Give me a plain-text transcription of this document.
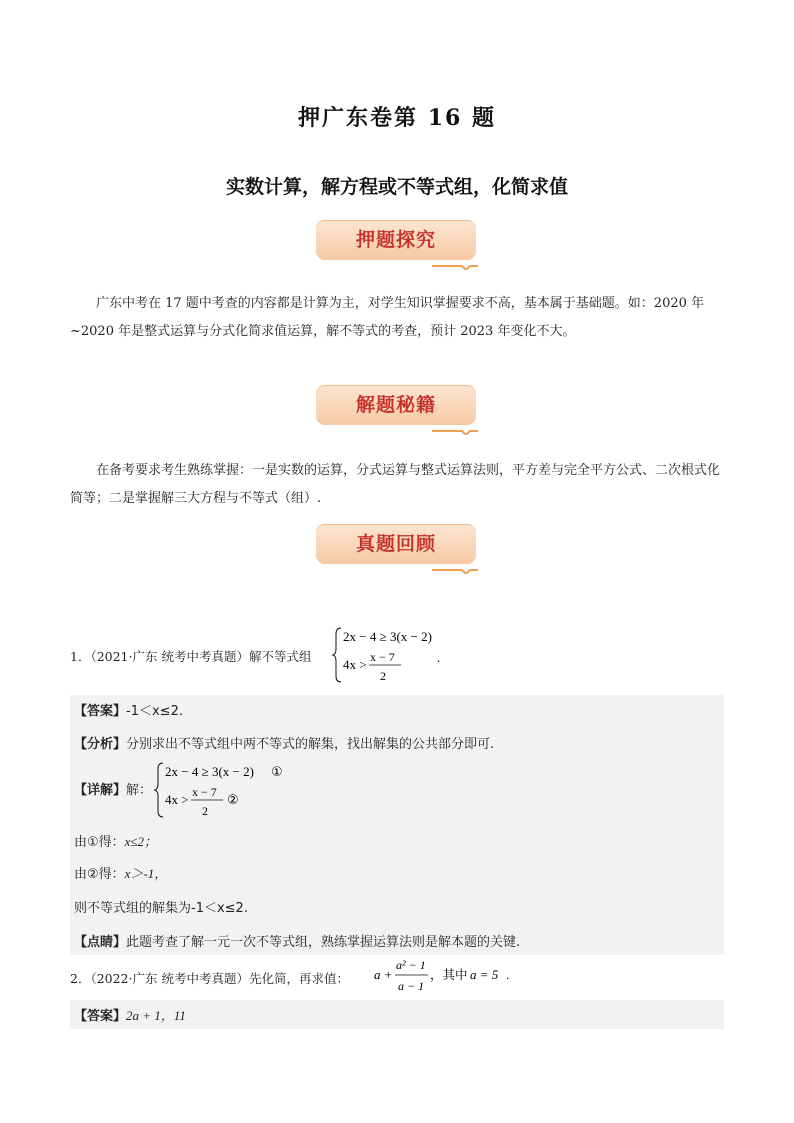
押广东卷第 16 题
实数计算，解方程或不等式组，化简求值
押题探究
广东中考在 17 题中考查的内容都是计算为主，对学生知识掌握要求不高，基本属于基础题。如：2020 年~2020 年是整式运算与分式化简求值运算，解不等式的考查，预计 2023 年变化不大。
解题秘籍
在备考要求考生熟练掌握：一是实数的运算，分式运算与整式运算法则，平方差与完全平方公式、二次根式化简等；二是掌握解三大方程与不等式（组）.
真题回顾
1．（2021·广东 统考中考真题）解不等式组
2x − 4 ≥ 3(x − 2)
4x > x − 7
2
.
【答案】-1＜x≤2.
【分析】分别求出不等式组中两不等式的解集，找出解集的公共部分即可.
【详解】解：
2x − 4 ≥ 3(x − 2) ①
4x > x − 7
2
②
由①得：x≤2；
由②得：x＞-1，
则不等式组的解集为-1＜x≤2.
【点睛】此题考查了解一元一次不等式组，熟练掌握运算法则是解本题的关键.
2．（2022·广东 统考中考真题）先化简，再求值： a +
a² − 1
a − 1
，其中 a = 5 .
【答案】2a + 1，11
